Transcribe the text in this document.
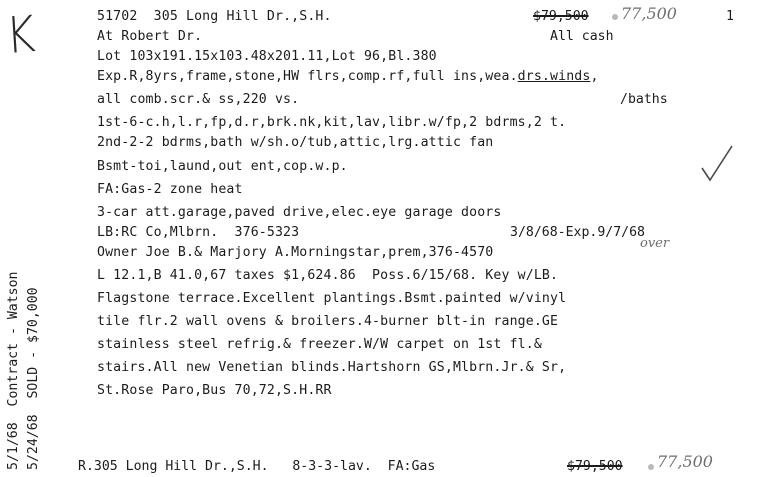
K	51702 305 Long Hill Dr.,S.H.	$79,500 77,500	1
At Robert Dr.	All cash
Lot 103x191.15x103.48x201.11,Lot 96,Bl.380
Exp.R,8yrs,frame,stone,HW flrs,comp.rf,full ins,wea.drs.winds,
all comb.scr.& ss,220 vs.	/baths
1st-6-c.h,l.r,fp,d.r,brk.nk,kit,lav,libr.w/fp,2 bdrms,2 t.
2nd-2-2 bdrms,bath w/sh.o/tub,attic,lrg.attic fan
Bsmt-toi,laund,out ent,cop.w.p.
FA:Gas-2 zone heat
3-car att.garage,paved drive,elec.eye garage doors
LB:RC Co,Mlbrn.  376-5323	3/8/68-Exp.9/7/68
Owner Joe B.& Marjory A.Morningstar,prem,376-4570
over
L 12.1,B 41.0,67 taxes $1,624.86  Poss.6/15/68. Key w/LB.
Flagstone terrace.Excellent plantings.Bsmt.painted w/vinyl
tile flr.2 wall ovens & broilers.4-burner blt-in range.GE
stainless steel refrig.& freezer.W/W carpet on 1st fl.&
stairs.All new Venetian blinds.Hartshorn GS,Mlbrn.Jr.& Sr,
St.Rose Paro,Bus 70,72,S.H.RR
5/1/68  Contract - Watson 5/24/68  SOLD - $70,000	R.305 Long Hill Dr.,S.H.   8-3-3-lav.  FA:Gas	$79,500 77,500
